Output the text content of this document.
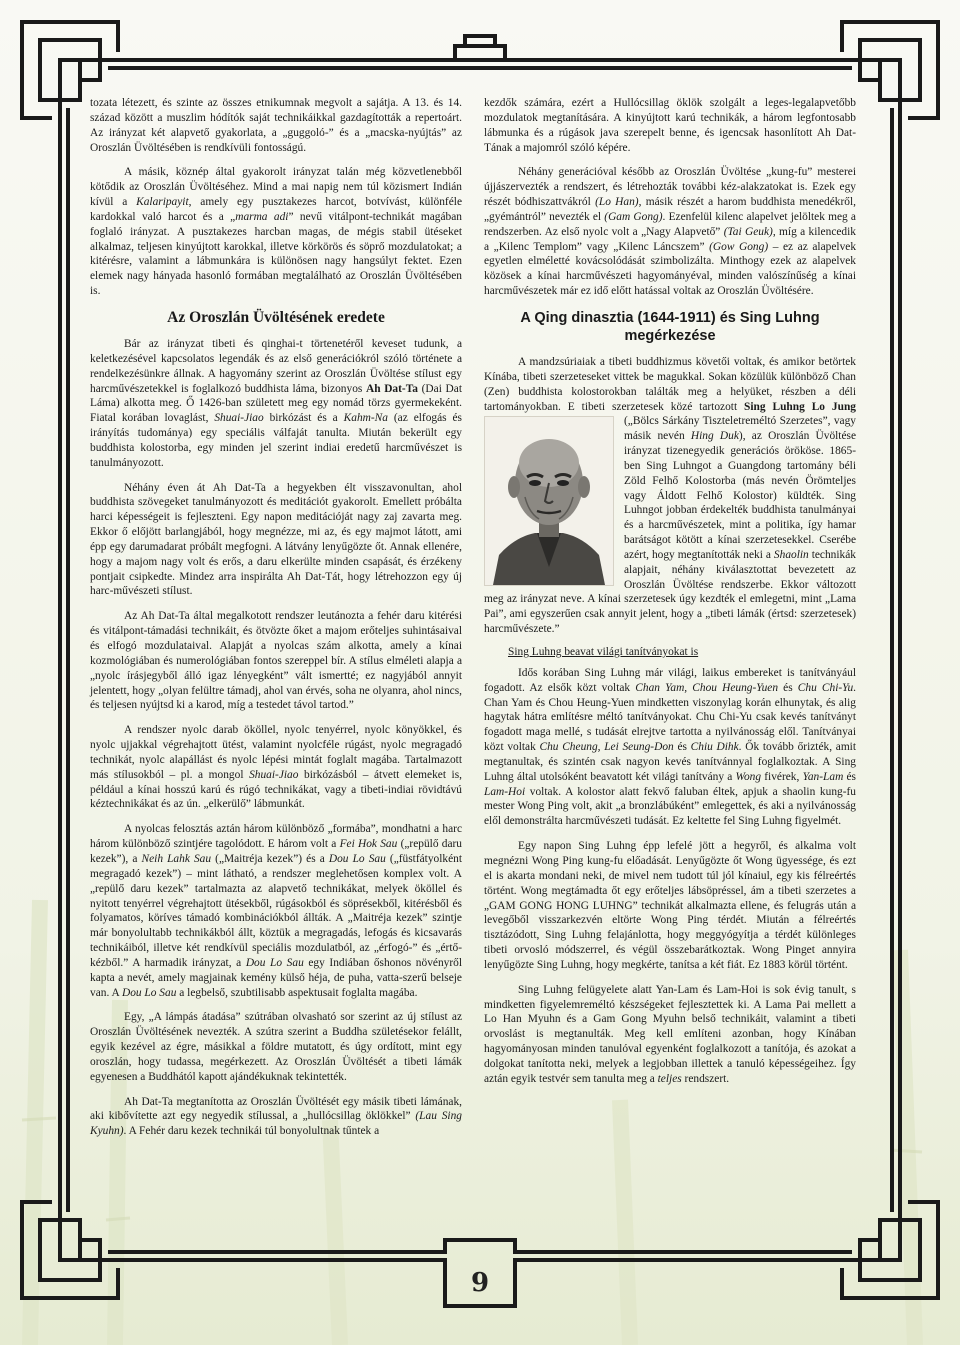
tozata létezett, és szinte az összes etnikumnak megvolt a sajátja. A 13. és 14. század között a muszlim hódítók saját technikáikkal gazdagították a repertoárt. Az irányzat két alapvető gyakorlata, a „guggoló-” és a „macska-nyújtás” az Oroszlán Üvöltésében is rendkívüli fontosságú.

A másik, köznép által gyakorolt irányzat talán még közvetlenebből kötődik az Oroszlán Üvöltéséhez. Mind a mai napig nem túl közismert Indián kívül a Kalaripayit, amely egy pusztakezes harcot, botvívást, különféle kardokkal való harcot és a „marma adi” nevű vitálpont-technikát magában foglaló irányzat. A pusztakezes harcban magas, de mégis stabil ütéseket alkalmaz, teljesen kinyújtott karokkal, illetve körkörös és söprő mozdulatokat; a kitérésre, valamint a lábmunkára is különösen nagy hangsúlyt fektet. Ezen elemek nagy hányada hasonló formában megtalálható az Oroszlán Üvöltésében is.

Az Oroszlán Üvöltésének eredete

Bár az irányzat tibeti és qinghai-t törtenetéről keveset tudunk, a keletkezésével kapcsolatos legendák és az első generációkról szóló története a rendelkezésünkre állnak. A hagyomány szerint az Oroszlán Üvöltése stílust egy harcművészetekkel is foglalkozó buddhista láma, bizonyos Ah Dat-Ta (Dai Dat Láma) alkotta meg. Ő 1426-ban született meg egy nomád törzs gyermekeként. Fiatal korában lovaglást, Shuai-Jiao birkózást és a Kahm-Na (az elfogás és irányítás tudománya) egy speciális válfaját tanulta. Miután bekerült egy buddhista kolostorba, egy minden jel szerint indiai eredetű harcművészet is tanulmányozott.

Néhány éven át Ah Dat-Ta a hegyekben élt visszavonultan, ahol buddhista szövegeket tanulmányozott és meditációt gyakorolt. Emellett próbálta harci képességeit is fejleszteni. Egy napon meditációját nagy zaj zavarta meg. Ekkor ő előjött barlangjából, hogy megnézze, mi az, és egy majmot látott, ami épp egy darumadarat próbált megfogni. A látvány lenyűgözte őt. Annak ellenére, hogy a majom nagy volt és erős, a daru elkerülte minden csapását, és érzékeny pontjait csipkedte. Mindez arra inspirálta Ah Dat-Tát, hogy létrehozzon egy új harc-művészeti stílust.

Az Ah Dat-Ta által megalkotott rendszer leutánozta a fehér daru kitérési és vitálpont-támadási technikáit, és ötvözte őket a majom erőteljes suhintásaival és elfogó mozdulataival. Alapját a nyolcas szám alkotta, amely a kínai kozmológiában és numerológiában fontos szereppel bír. A stílus elméleti alapja a „nyolc írásjegyből álló igaz lényegként” vált ismertté; ez nagyjából annyit jelentett, hogy „olyan felültre támadj, ahol van érvés, soha ne olyanra, ahol nincs, és teljesen nyújtsd ki a karod, míg a testedet távol tartod.”

A rendszer nyolc darab ököllel, nyolc tenyérrel, nyolc könyökkel, és nyolc ujjakkal végrehajtott ütést, valamint nyolcféle rúgást, nyolc megragadó technikát, nyolc alapállást és nyolc lépési mintát foglalt magába. Tartalmazott más stílusokból – pl. a mongol Shuai-Jiao birkózásból – átvett elemeket is, például a kínai hosszú karú és rúgó technikákat, vagy a tibeti-indiai rövidtávú kéztechnikákat és az ún. „elkerülő” lábmunkát.

A nyolcas felosztás aztán három különböző „formába”, mondhatni a harc három különböző szintjére tagolódott. E három volt a Fei Hok Sau („repülő daru kezek”), a Neih Lahk Sau („Maitréja kezek”) és a Dou Lo Sau („füstfátyolként megragadó kezek”) – mint látható, a rendszer meglehetősen komplex volt. A „repülő daru kezek” tartalmazta az alapvető technikákat, melyek ököllel és nyitott tenyérrel végrehajtott ütésekből, rúgásokból és söprésekből, kitérésből és folyamatos, köríves támadó kombinációkból állták. A „Maitréja kezek” szintje már bonyolultabb technikákból állt, köztük a megragadás, lefogás és kicsavarás technikáiból, illetve két rendkívül speciális mozdulatból, az „érfogó-” és „értő-kézből.” A harmadik irányzat, a Dou Lo Sau egy Indiában őshonos növényről kapta a nevét, amely magjainak kemény külső héja, de puha, vatta-szerű belseje van. A Dou Lo Sau a legbelső, szubtilisabb aspektusait foglalta magába.

Egy, „A lámpás átadása” szútrában olvasható sor szerint az új stílust az Oroszlán Üvöltésének nevezték. A szútra szerint a Buddha születésekor felállt, egyik kezével az égre, másikkal a földre mutatott, és úgy ordított, mint egy oroszlán, hogy tudassa, megérkezett. Az Oroszlán Üvöltését a tibeti lámák egyenesen a Buddhától kapott ajándékuknak tekintették.

Ah Dat-Ta megtanította az Oroszlán Üvöltését egy másik tibeti lámának, aki kibővítette azt egy negyedik stílussal, a „hullócsillag öklökkel” (Lau Sing Kyuhn). A Fehér daru kezek technikái túl bonyolultnak tűntek a

kezdők számára, ezért a Hullócsillag öklök szolgált a leges-legalapvetőbb mozdulatok megtanítására. A kinyújtott karú technikák, a három legfontosabb lábmunka és a rúgások java szerepelt benne, és igencsak hasonlított Ah Dat-Tának a majomról szóló képére.

Néhány generációval később az Oroszlán Üvöltése „kung-fu” mesterei újjászervezték a rendszert, és létrehozták további kéz-alakzatokat is. Ezek egy részét bódhiszattvákról (Lo Han), másik részét a harom buddhista menedékről, „gyémántról” nevezték el (Gam Gong). Ezenfelül kilenc alapelvet jelöltek meg a rendszerben. Az első nyolc volt a „Nagy Alapvető” (Tai Geuk), míg a kilencedik a „Kilenc Templom” vagy „Kilenc Láncszem” (Gow Gong) – ez az alapelvek egyetlen elméletté kovácsolódását szimbolizálta. Minthogy ezek az alapelvek közösek a kínai harcművészeti hagyományéval, minden valószínűség a kínai harcművészetek már ez idő előtt hatással voltak az Oroszlán Üvöltésére.

A Qing dinasztia (1644-1911) és Sing Luhng megérkezése

A mandzsúriaiak a tibeti buddhizmus követői voltak, és amikor betörtek Kínába, tibeti szerzeteseket vittek be magukkal. Sokan közülük különböző Chan (Zen) buddhista kolostorokban találták meg a helyüket, részben a déli tartományokban. E tibeti szerzetesek közé tartozott
Sing Luhng Lo Jung („Bölcs Sárkány Tiszteletreméltó Szerzetes”, vagy másik nevén Hing Duk), az Oroszlán Üvöltése irányzat tizenegyedik generációs örököse. 1865-ben Sing Luhngot a Guangdong tartomány béli Zöld Felhő Kolostorba (más nevén Örömteljes vagy Áldott Felhő Kolostor) küldték. Sing Luhngot jobban érdekelték buddhista tanulmányai és a harcművészetek, mint a politika, így hamar barátságot kötött a kínai szerzetesekkel. Cserébe azért, hogy megtanították neki a Shaolin technikák alapjait, néhány kiválasztottat bevezetett az Oroszlán Üvöltése rendszerbe. Ekkor változott meg az irányzat neve. A kínai szerzetesek úgy kezdték el emlegetni, mint „Lama Pai”, ami egyszerűen csak annyit jelent, hogy a „tibeti lámák (értsd: szerzetesek) harcművészete.”

Sing Luhng beavat világi tanítványokat is

Idős korában Sing Luhng már világi, laikus embereket is tanítványául fogadott. Az elsők közt voltak Chan Yam, Chou Heung-Yuen és Chu Chi-Yu. Chan Yam és Chou Heung-Yuen mindketten viszonylag korán elhunytak, és alig hagytak hátra említésre méltó tanítványokat. Chu Chi-Yu csak kevés tanítványt fogadott maga mellé, s tudását elrejtve tartotta a nyilvánosság elől. Tanítványai közt voltak Chu Cheung, Lei Seung-Don és Chiu Dihk. Ők tovább őrizték, amit megtanultak, és szintén csak nagyon kevés tanítvánnyal foglalkoztak. A Sing Luhng által utolsóként beavatott két világi tanítvány a Wong fivérek, Yan-Lam és Lam-Hoi voltak. A kolostor alatt fekvő faluban éltek, apjuk a shaolin kung-fu mester Wong Ping volt, akit „a bronzlábúként” emlegettek, és aki a nyilvánosság elől demonstrálta harcművészeti tudását. Ez keltette fel Sing Luhng figyelmét.

Egy napon Sing Luhng épp lefelé jött a hegyről, és alkalma volt megnézni Wong Ping kung-fu előadását. Lenyűgözte őt Wong ügyessége, és ezt el is akarta mondani neki, de mivel nem tudott túl jól kínaiul, egy kis félreértés történt. Wong megtámadta őt egy erőteljes lábsöpréssel, ám a tibeti szerzetes a „GAM GONG HONG LUHNG” technikát alkalmazta ellene, és felugrás után a levegőből visszarkezvén eltörte Wong Ping térdét. Miután a félreértés tisztázódott, Sing Luhng felajánlotta, hogy meggyógyítja a térdét különleges tibeti orvosló módszerrel, és végül összebarátkoztak. Wong Pinget annyira lenyűgözte Sing Luhng, hogy megkérte, tanítsa a két fiát. Ez 1883 körül történt.

Sing Luhng felügyelete alatt Yan-Lam és Lam-Hoi is sok évig tanult, s mindketten figyelemreméltó készségeket fejlesztettek ki. A Lama Pai mellett a Lo Han Myuhn és a Gam Gong Myuhn belső technikáit, valamint a tibeti orvoslást is megtanulták. Meg kell említeni azonban, hogy Kínában hagyományosan minden tanulóval egyenként foglalkozott a tanítója, és azokat a dolgokat tanította neki, melyek a legjobban illettek a tanuló képességeihez. Így aztán egyik testvér sem tanulta meg a teljes rendszert.

9
